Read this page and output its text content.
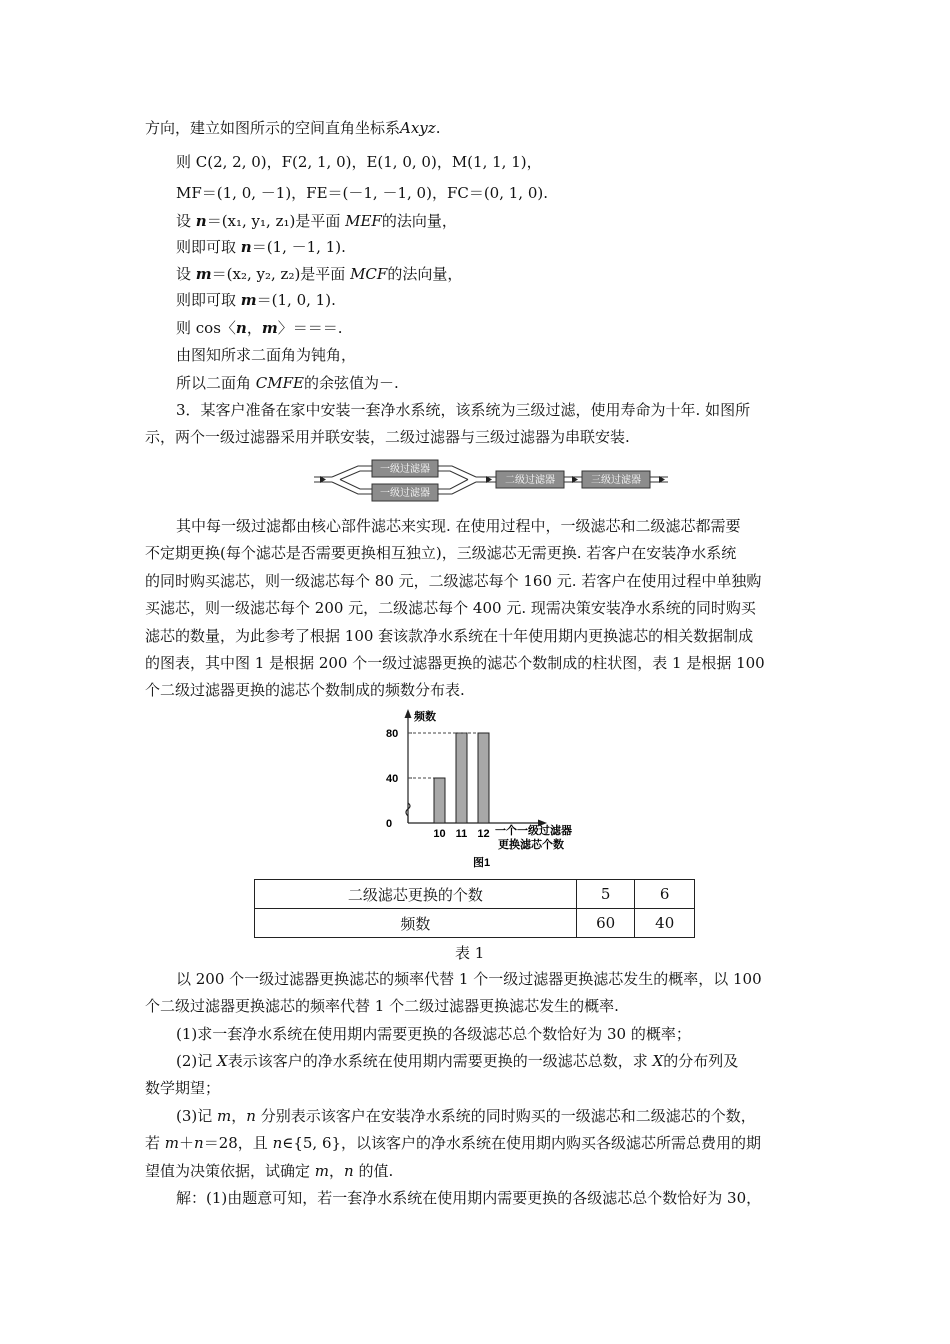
方向，建立如图所示的空间直角坐标系Axyz.
则 C(2, 2, 0)，F(2, 1, 0)，E(1, 0, 0)，M(1, 1, 1)，
MF＝(1, 0, －1)，FE＝(－1, －1, 0)，FC＝(0, 1, 0).
设 n＝(x₁, y₁, z₁)是平面 MEF的法向量，
则即可取 n＝(1, －1, 1).
设 m＝(x₂, y₂, z₂)是平面 MCF的法向量，
则即可取 m＝(1, 0, 1).
则 cos〈n，m〉＝＝＝.
由图知所求二面角为钝角，
所以二面角 CMFE的余弦值为－.
3．某客户准备在家中安装一套净水系统，该系统为三级过滤，使用寿命为十年. 如图所
示，两个一级过滤器采用并联安装，二级过滤器与三级过滤器为串联安装.
一级过滤器
一级过滤器
二级过滤器	三级过滤器
其中每一级过滤都由核心部件滤芯来实现. 在使用过程中，一级滤芯和二级滤芯都需要
不定期更换(每个滤芯是否需要更换相互独立)，三级滤芯无需更换. 若客户在安装净水系统
的同时购买滤芯，则一级滤芯每个 80 元，二级滤芯每个 160 元. 若客户在使用过程中单独购
买滤芯，则一级滤芯每个 200 元，二级滤芯每个 400 元. 现需决策安装净水系统的同时购买
滤芯的数量，为此参考了根据 100 套该款净水系统在十年使用期内更换滤芯的相关数据制成
的图表，其中图 1 是根据 200 个一级过滤器更换的滤芯个数制成的柱状图，表 1 是根据 100
个二级过滤器更换的滤芯个数制成的频数分布表.
频数
一个一级过滤器
更换滤芯个数
图1
0
40
80
10 11 12
二级滤芯更换的个数	5	6
频数	60	40
表 1
以 200 个一级过滤器更换滤芯的频率代替 1 个一级过滤器更换滤芯发生的概率，以 100
个二级过滤器更换滤芯的频率代替 1 个二级过滤器更换滤芯发生的概率.
(1)求一套净水系统在使用期内需要更换的各级滤芯总个数恰好为 30 的概率；
(2)记 X表示该客户的净水系统在使用期内需要更换的一级滤芯总数，求 X的分布列及
数学期望；
(3)记 m，n 分别表示该客户在安装净水系统的同时购买的一级滤芯和二级滤芯的个数，
若 m＋n＝28，且 n∈{5, 6}，以该客户的净水系统在使用期内购买各级滤芯所需总费用的期
望值为决策依据，试确定 m，n 的值.
解：(1)由题意可知，若一套净水系统在使用期内需要更换的各级滤芯总个数恰好为 30，
